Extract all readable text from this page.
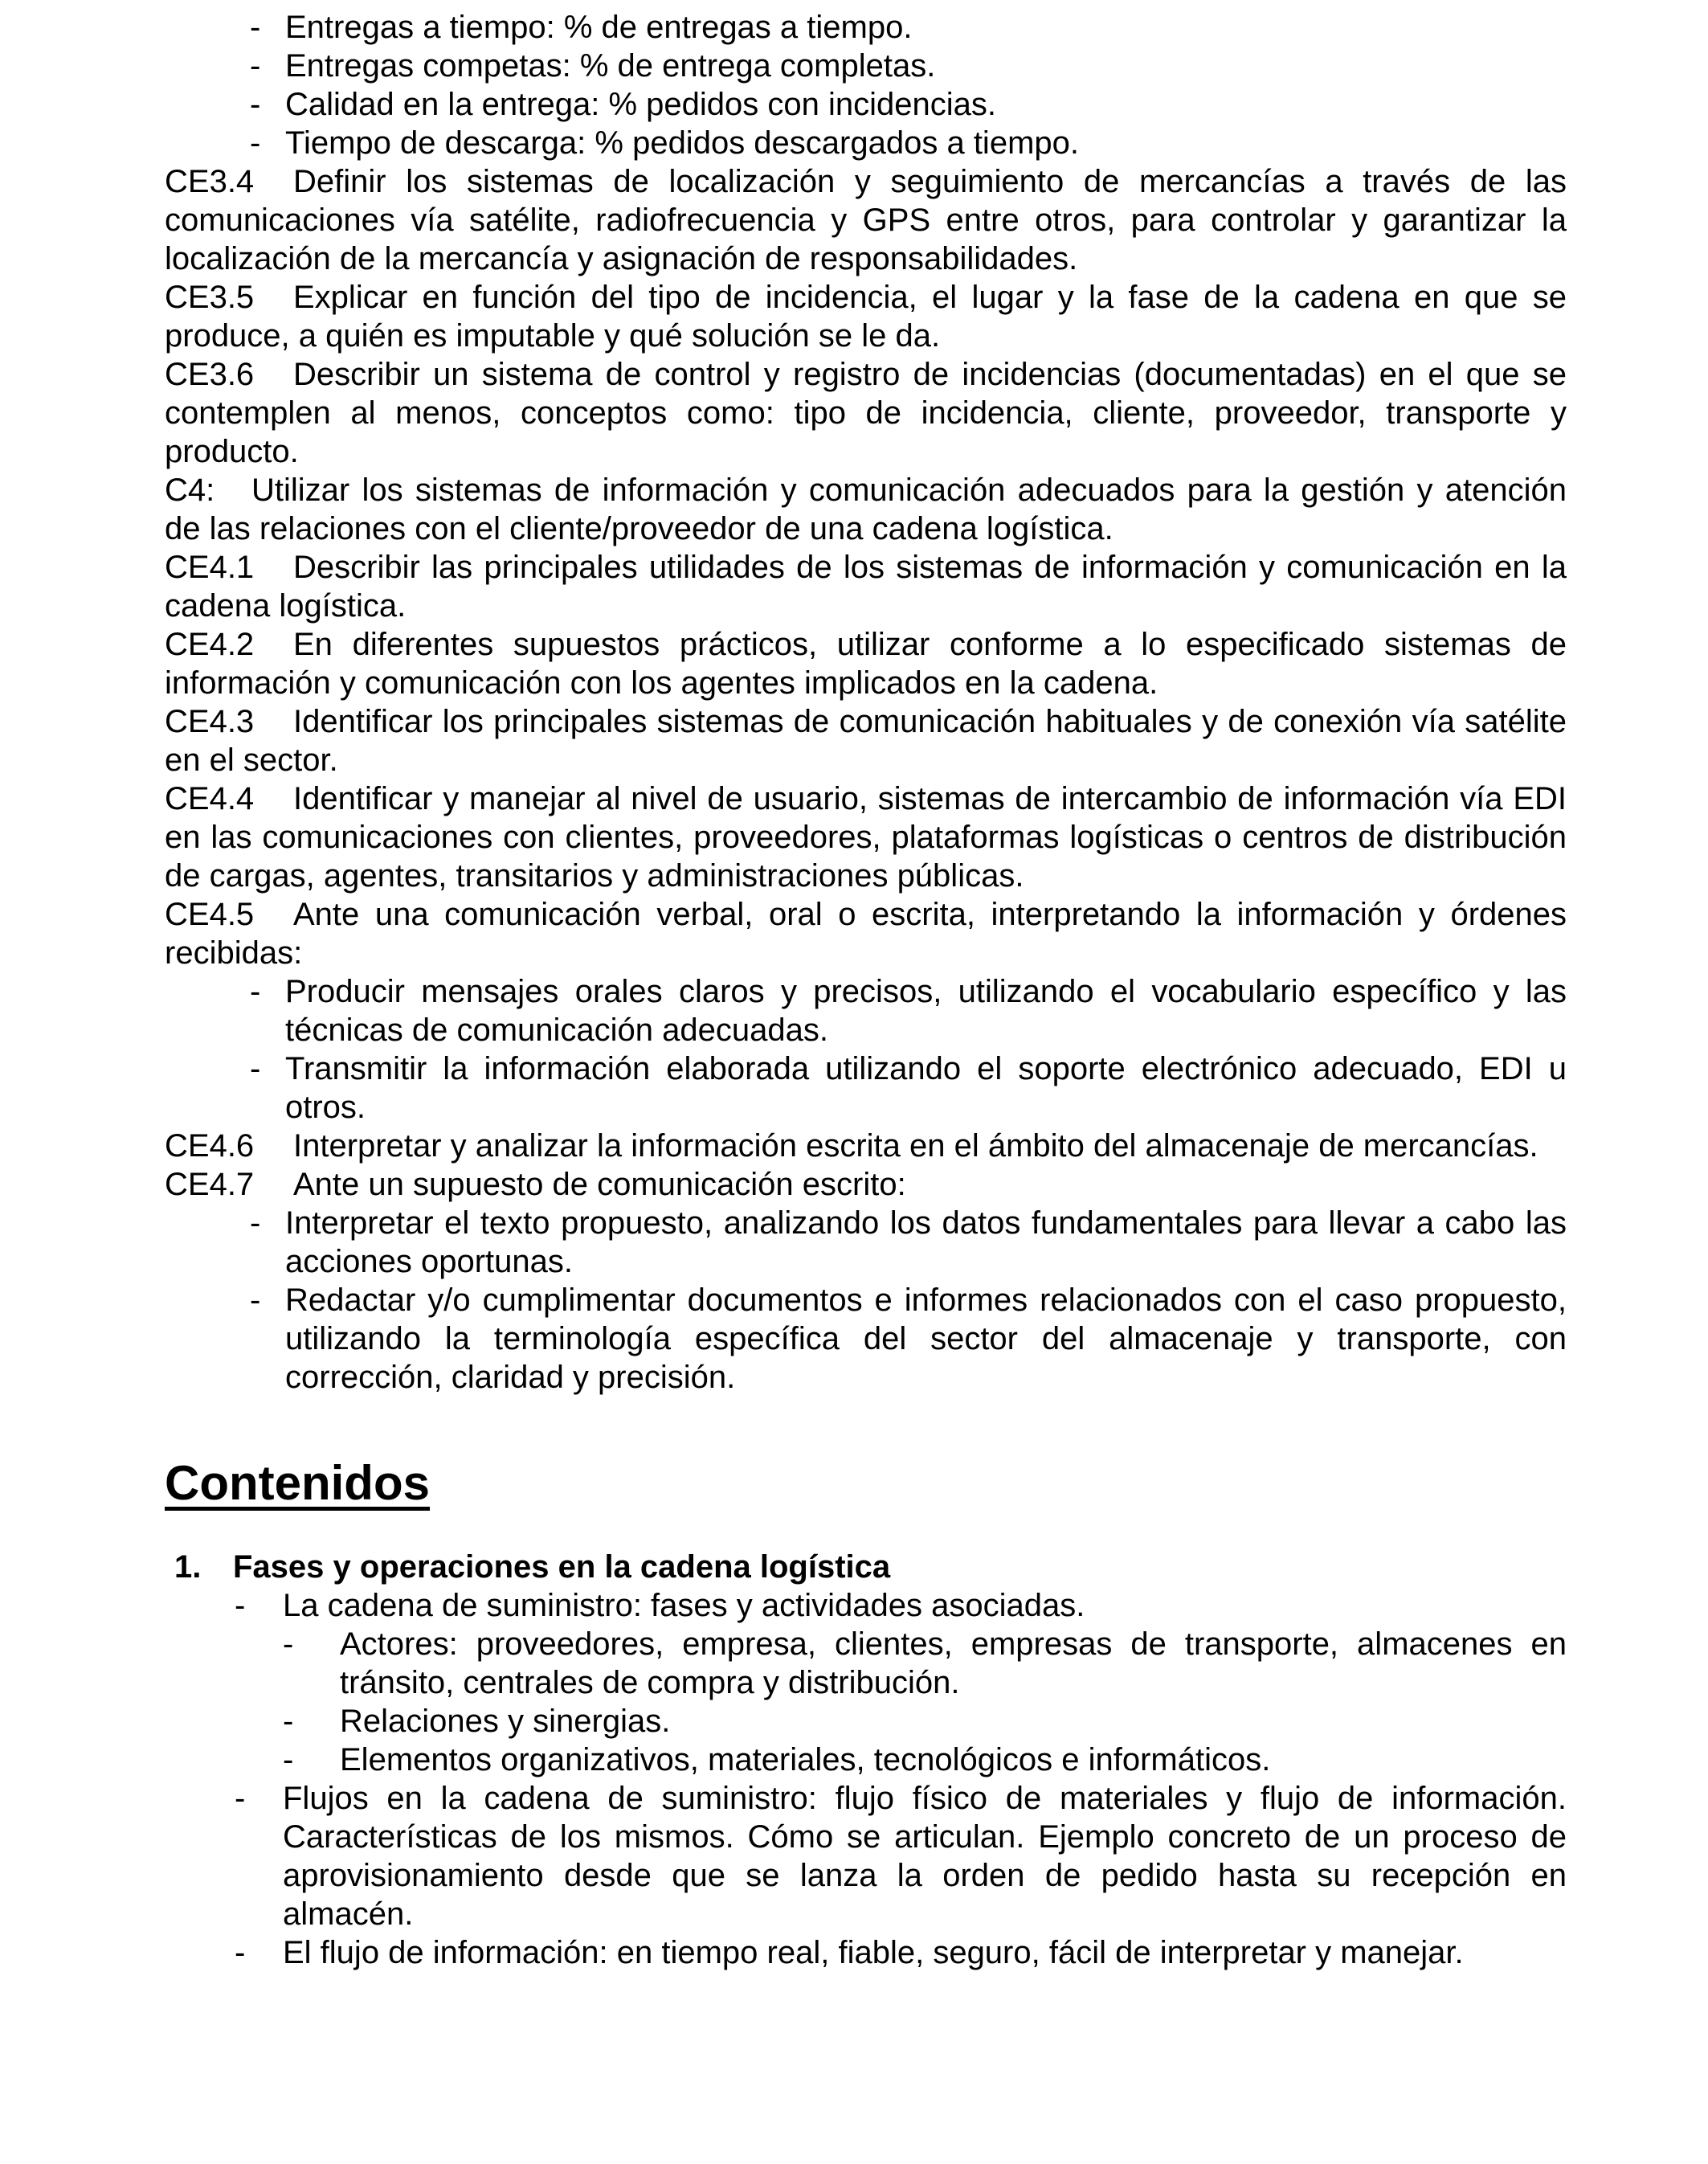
- Entregas a tiempo: % de entregas a tiempo.
- Entregas competas: % de entrega completas.
- Calidad en la entrega: % pedidos con incidencias.
- Tiempo de descarga: % pedidos descargados a tiempo.

CE3.4 Definir los sistemas de localización y seguimiento de mercancías a través de las comunicaciones vía satélite, radiofrecuencia y GPS entre otros, para controlar y garantizar la localización de la mercancía y asignación de responsabilidades.

CE3.5 Explicar en función del tipo de incidencia, el lugar y la fase de la cadena en que se produce, a quién es imputable y qué solución se le da.

CE3.6 Describir un sistema de control y registro de incidencias (documentadas) en el que se contemplen al menos, conceptos como: tipo de incidencia, cliente, proveedor, transporte y producto.

C4: Utilizar los sistemas de información y comunicación adecuados para la gestión y atención de las relaciones con el cliente/proveedor de una cadena logística.

CE4.1 Describir las principales utilidades de los sistemas de información y comunicación en la cadena logística.

CE4.2 En diferentes supuestos prácticos, utilizar conforme a lo especificado sistemas de información y comunicación con los agentes implicados en la cadena.

CE4.3 Identificar los principales sistemas de comunicación habituales y de conexión vía satélite en el sector.

CE4.4 Identificar y manejar al nivel de usuario, sistemas de intercambio de información vía EDI en las comunicaciones con clientes, proveedores, plataformas logísticas o centros de distribución de cargas, agentes, transitarios y administraciones públicas.

CE4.5 Ante una comunicación verbal, oral o escrita, interpretando la información y órdenes recibidas:

- Producir mensajes orales claros y precisos, utilizando el vocabulario específico y las técnicas de comunicación adecuadas.
- Transmitir la información elaborada utilizando el soporte electrónico adecuado, EDI u otros.

CE4.6 Interpretar y analizar la información escrita en el ámbito del almacenaje de mercancías.

CE4.7 Ante un supuesto de comunicación escrito:

- Interpretar el texto propuesto, analizando los datos fundamentales para llevar a cabo las acciones oportunas.
- Redactar y/o cumplimentar documentos e informes relacionados con el caso propuesto, utilizando la terminología específica del sector del almacenaje y transporte, con corrección, claridad y precisión.
Contenidos
1. Fases y operaciones en la cadena logística
-	La cadena de suministro: fases y actividades asociadas.
-	Actores: proveedores, empresa, clientes, empresas de transporte, almacenes en tránsito, centrales de compra y distribución.
-	Relaciones y sinergias.
-	Elementos organizativos, materiales, tecnológicos e informáticos.
-	Flujos en la cadena de suministro: flujo físico de materiales y flujo de información. Características de los mismos. Cómo se articulan. Ejemplo concreto de un proceso de aprovisionamiento desde que se lanza la orden de pedido hasta su recepción en almacén.
-	El flujo de información: en tiempo real, fiable, seguro, fácil de interpretar y manejar.
